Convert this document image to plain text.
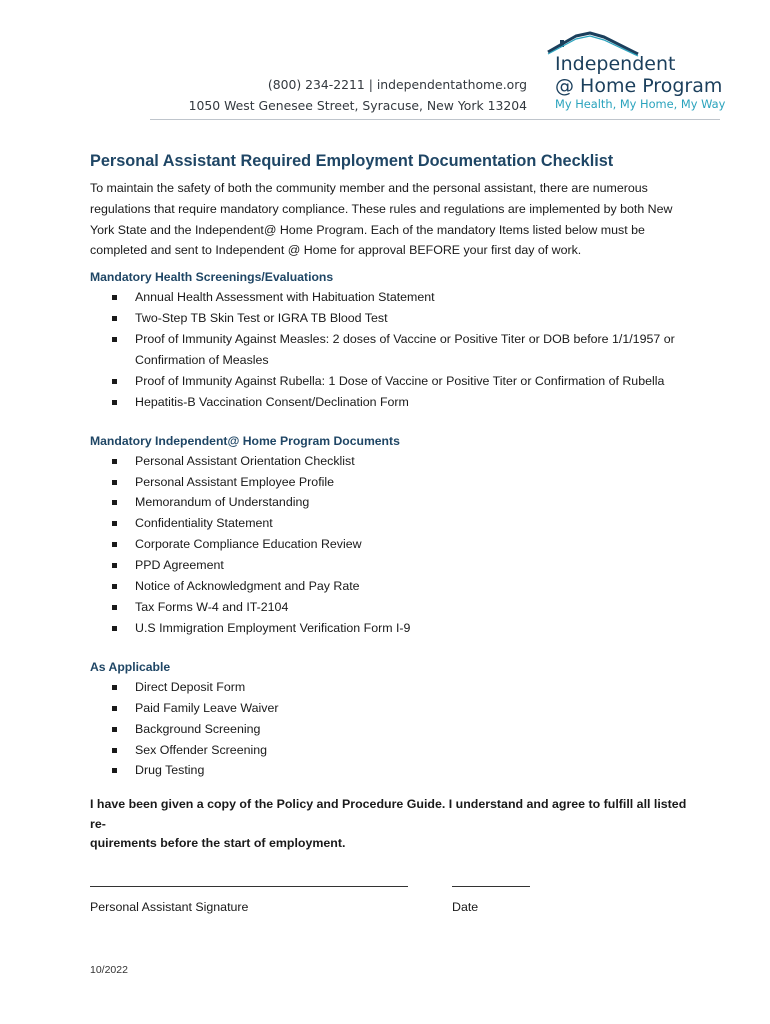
(800) 234-2211 | independentathome.org
1050 West Genesee Street, Syracuse, New York 13204
Independent
@ Home Program
My Health, My Home, My Way
Personal Assistant Required Employment Documentation Checklist

To maintain the safety of both the community member and the personal assistant, there are numerous
regulations that require mandatory compliance. These rules and regulations are implemented by both New
York State and the Independent@ Home Program. Each of the mandatory Items listed below must be
completed and sent to Independent @ Home for approval BEFORE your first day of work.

Mandatory Health Screenings/Evaluations
Annual Health Assessment with Habituation Statement
Two-Step TB Skin Test or IGRA TB Blood Test
Proof of Immunity Against Measles: 2 doses of Vaccine or Positive Titer or DOB before 1/1/1957 or
Confirmation of Measles
Proof of Immunity Against Rubella: 1 Dose of Vaccine or Positive Titer or Confirmation of Rubella
Hepatitis-B Vaccination Consent/Declination Form
Mandatory Independent@ Home Program Documents
Personal Assistant Orientation Checklist
Personal Assistant Employee Profile
Memorandum of Understanding
Confidentiality Statement
Corporate Compliance Education Review
PPD Agreement
Notice of Acknowledgment and Pay Rate
Tax Forms W-4 and IT-2104
U.S Immigration Employment Verification Form I-9
As Applicable
Direct Deposit Form
Paid Family Leave Waiver
Background Screening
Sex Offender Screening
Drug Testing

I have been given a copy of the Policy and Procedure Guide. I understand and agree to fulfill all listed re-
quirements before the start of employment.

Personal Assistant Signature	Date
10/2022
